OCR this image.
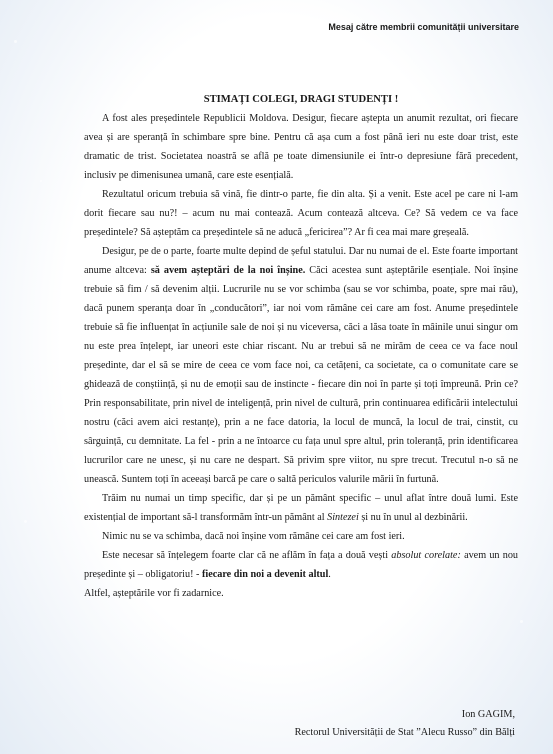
Mesaj către membrii comunității universitare
STIMAȚI COLEGI, DRAGI STUDENȚI !

A fost ales președintele Republicii Moldova. Desigur, fiecare aștepta un anumit rezultat, ori fiecare avea și are speranță în schimbare spre bine. Pentru că așa cum a fost până ieri nu este doar trist, este dramatic de trist. Societatea noastră se află pe toate dimensiunile ei într-o depresiune fără precedent, inclusiv pe dimenisunea umană, care este esențială.

Rezultatul oricum trebuia să vină, fie dintr-o parte, fie din alta. Și a venit. Este acel pe care ni l-am dorit fiecare sau nu?! – acum nu mai contează. Acum contează altceva. Ce? Să vedem ce va face președintele? Să așteptăm ca președintele să ne aducă „fericirea”? Ar fi cea mai mare greșeală.

Desigur, pe de o parte, foarte multe depind de șeful statului. Dar nu numai de el. Este foarte important anume altceva: să avem așteptări de la noi înșine. Căci acestea sunt așteptările esențiale. Noi înșine trebuie să fim / să devenim alții. Lucrurile nu se vor schimba (sau se vor schimba, poate, spre mai rău), dacă punem speranța doar în „conducători”, iar noi vom rămâne cei care am fost. Anume președintele trebuie să fie influențat în acțiunile sale de noi și nu viceversa, căci a lăsa toate în mâinile unui singur om nu este prea înțelept, iar uneori este chiar riscant. Nu ar trebui să ne mirăm de ceea ce va face noul președinte, dar el să se mire de ceea ce vom face noi, ca cetățeni, ca societate, ca o comunitate care se ghidează de conștiință, și nu de emoții sau de instincte - fiecare din noi în parte și toți împreună. Prin ce? Prin responsabilitate, prin nivel de inteligență, prin nivel de cultură, prin continuarea edificării intelectului nostru (căci avem aici restanțe), prin a ne face datoria, la locul de muncă, la locul de trai, cinstit, cu sârguință, cu demnitate. La fel - prin a ne întoarce cu fața unul spre altul, prin toleranță, prin identificarea lucrurilor care ne unesc, și nu care ne despart. Să privim spre viitor, nu spre trecut. Trecutul n-o să ne unească. Suntem toți în aceeași barcă pe care o saltă periculos valurile mării în furtună.

Trăim nu numai un timp specific, dar și pe un pământ specific – unul aflat între două lumi. Este existențial de important să-l transformăm într-un pământ al Sintezei și nu în unul al dezbinării.

Nimic nu se va schimba, dacă noi înșine vom rămâne cei care am fost ieri.

Este necesar să înțelegem foarte clar că ne aflăm în fața a două vești absolut corelate: avem un nou președinte și – obligatoriu! - fiecare din noi a devenit altul.

Altfel, așteptările vor fi zadarnice.

Ion GAGIM,
Rectorul Universității de Stat ”Alecu Russo” din Bălți
